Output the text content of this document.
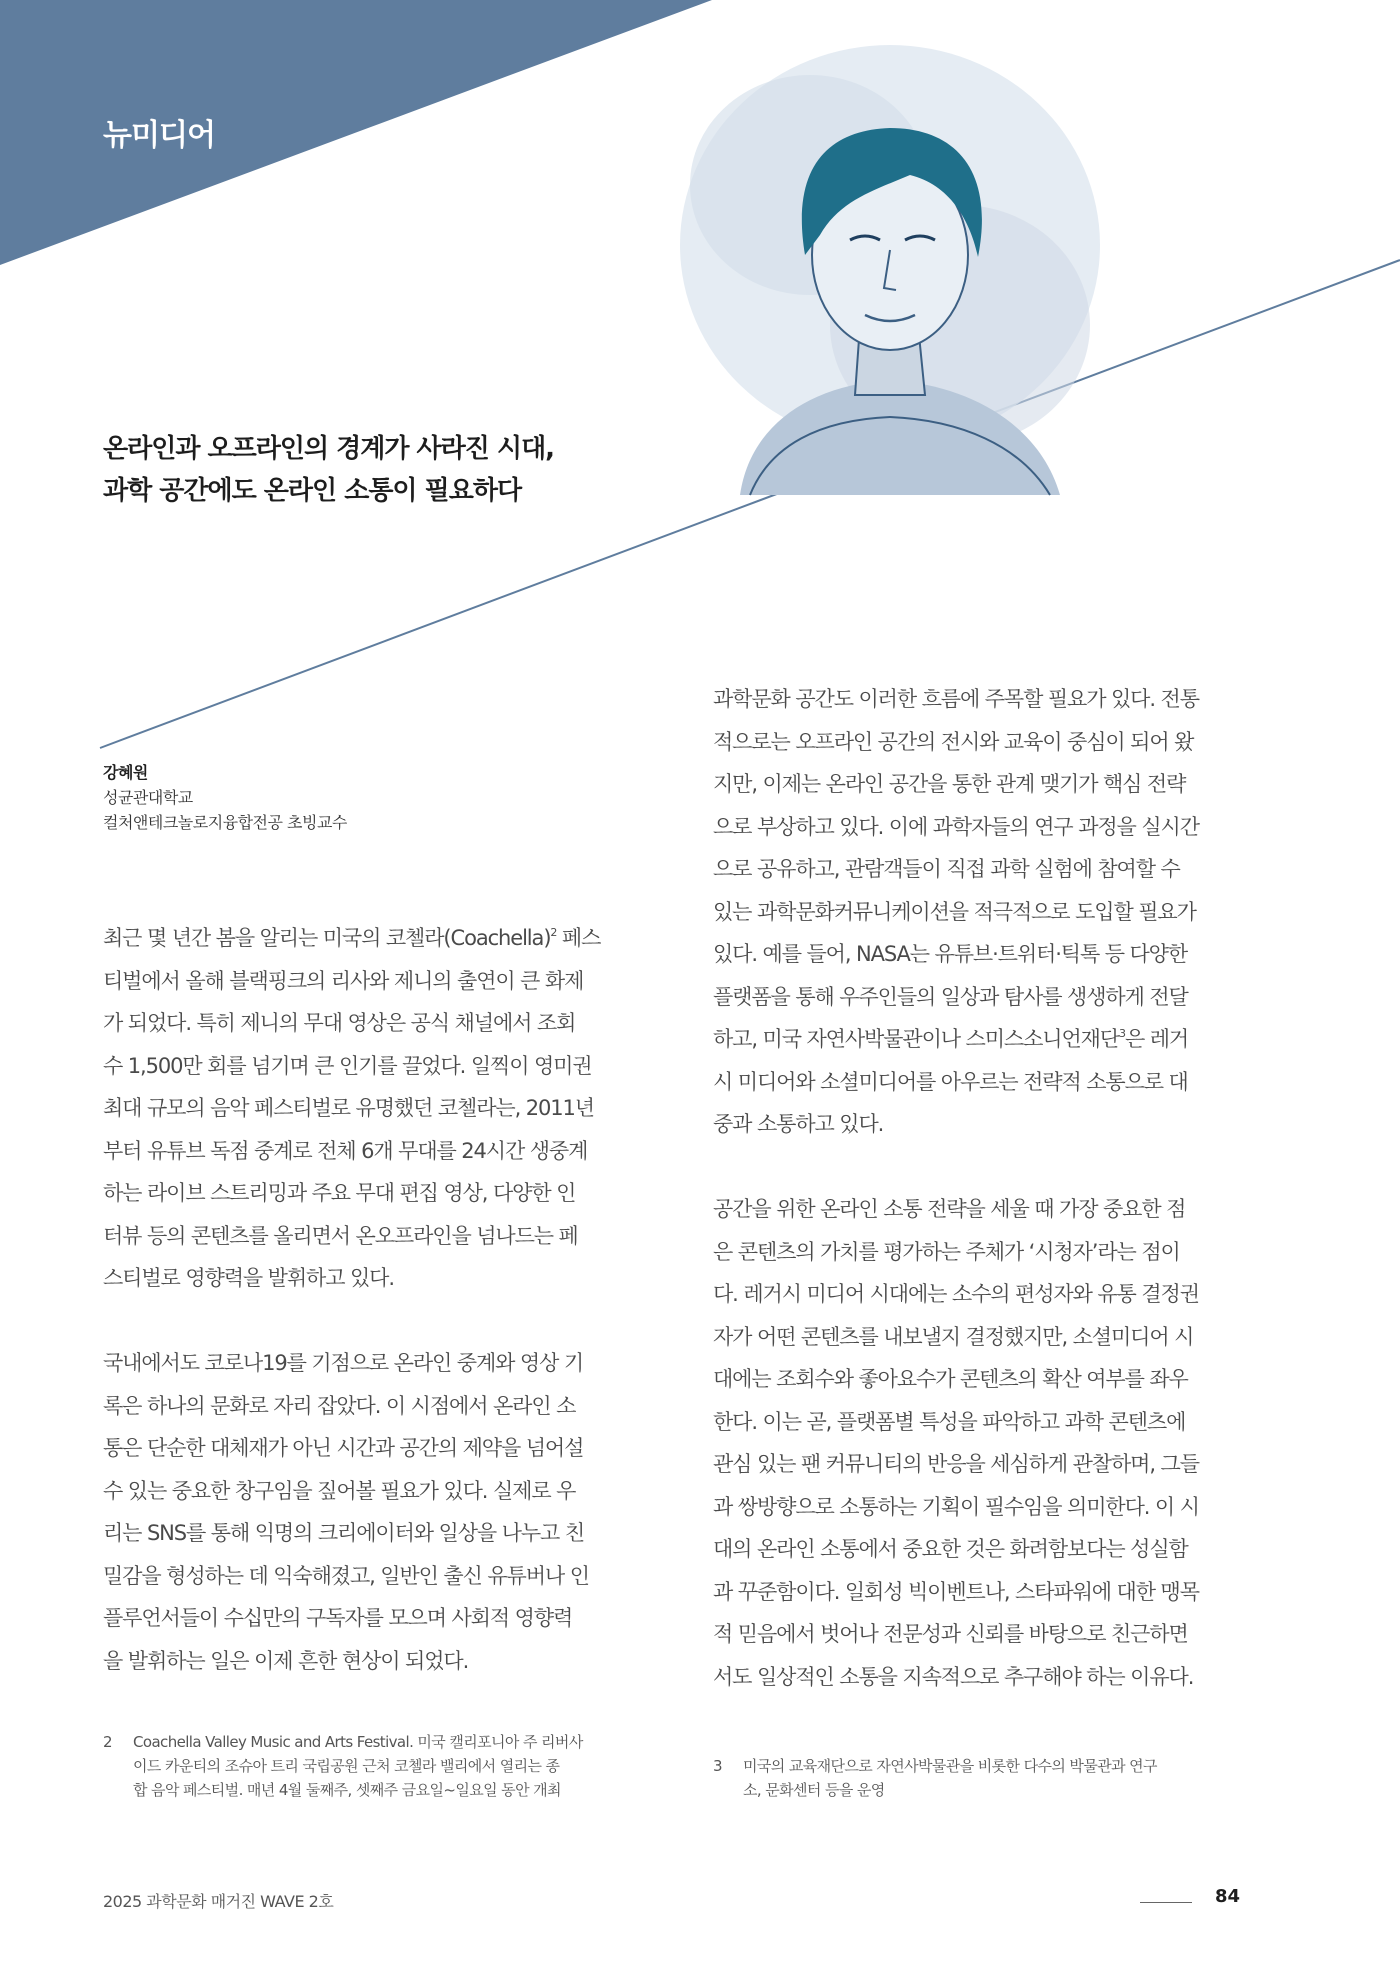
뉴미디어
온라인과 오프라인의 경계가 사라진 시대,
과학 공간에도 온라인 소통이 필요하다
강혜원
성균관대학교
컬처앤테크놀로지융합전공 초빙교수
최근 몇 년간 봄을 알리는 미국의 코첼라(Coachella)$^2$ 페스
티벌에서 올해 블랙핑크의 리사와 제니의 출연이 큰 화제
가 되었다. 특히 제니의 무대 영상은 공식 채널에서 조회
수 1,500만 회를 넘기며 큰 인기를 끌었다. 일찍이 영미권
최대 규모의 음악 페스티벌로 유명했던 코첼라는, 2011년
부터 유튜브 독점 중계로 전체 6개 무대를 24시간 생중계
하는 라이브 스트리밍과 주요 무대 편집 영상, 다양한 인
터뷰 등의 콘텐츠를 올리면서 온오프라인을 넘나드는 페
스티벌로 영향력을 발휘하고 있다.
국내에서도 코로나19를 기점으로 온라인 중계와 영상 기
록은 하나의 문화로 자리 잡았다. 이 시점에서 온라인 소
통은 단순한 대체재가 아닌 시간과 공간의 제약을 넘어설
수 있는 중요한 창구임을 짚어볼 필요가 있다. 실제로 우
리는 SNS를 통해 익명의 크리에이터와 일상을 나누고 친
밀감을 형성하는 데 익숙해졌고, 일반인 출신 유튜버나 인
플루언서들이 수십만의 구독자를 모으며 사회적 영향력
을 발휘하는 일은 이제 흔한 현상이 되었다.
과학문화 공간도 이러한 흐름에 주목할 필요가 있다. 전통
적으로는 오프라인 공간의 전시와 교육이 중심이 되어 왔
지만, 이제는 온라인 공간을 통한 관계 맺기가 핵심 전략
으로 부상하고 있다. 이에 과학자들의 연구 과정을 실시간
으로 공유하고, 관람객들이 직접 과학 실험에 참여할 수
있는 과학문화커뮤니케이션을 적극적으로 도입할 필요가
있다. 예를 들어, NASA는 유튜브·트위터·틱톡 등 다양한
플랫폼을 통해 우주인들의 일상과 탐사를 생생하게 전달
하고, 미국 자연사박물관이나 스미스소니언재단$^3$은 레거
시 미디어와 소셜미디어를 아우르는 전략적 소통으로 대
중과 소통하고 있다.
공간을 위한 온라인 소통 전략을 세울 때 가장 중요한 점
은 콘텐츠의 가치를 평가하는 주체가 ‘시청자’라는 점이
다. 레거시 미디어 시대에는 소수의 편성자와 유통 결정권
자가 어떤 콘텐츠를 내보낼지 결정했지만, 소셜미디어 시
대에는 조회수와 좋아요수가 콘텐츠의 확산 여부를 좌우
한다. 이는 곧, 플랫폼별 특성을 파악하고 과학 콘텐츠에
관심 있는 팬 커뮤니티의 반응을 세심하게 관찰하며, 그들
과 쌍방향으로 소통하는 기획이 필수임을 의미한다. 이 시
대의 온라인 소통에서 중요한 것은 화려함보다는 성실함
과 꾸준함이다. 일회성 빅이벤트나, 스타파워에 대한 맹목
적 믿음에서 벗어나 전문성과 신뢰를 바탕으로 친근하면
서도 일상적인 소통을 지속적으로 추구해야 하는 이유다.
2 Coachella Valley Music and Arts Festival. 미국 캘리포니아 주 리버사
이드 카운티의 조슈아 트리 국립공원 근처 코첼라 밸리에서 열리는 종
합 음악 페스티벌. 매년 4월 둘째주, 셋째주 금요일~일요일 동안 개최
3 미국의 교육재단으로 자연사박물관을 비롯한 다수의 박물관과 연구
소, 문화센터 등을 운영
2025 과학문화 매거진 WAVE 2호	84
